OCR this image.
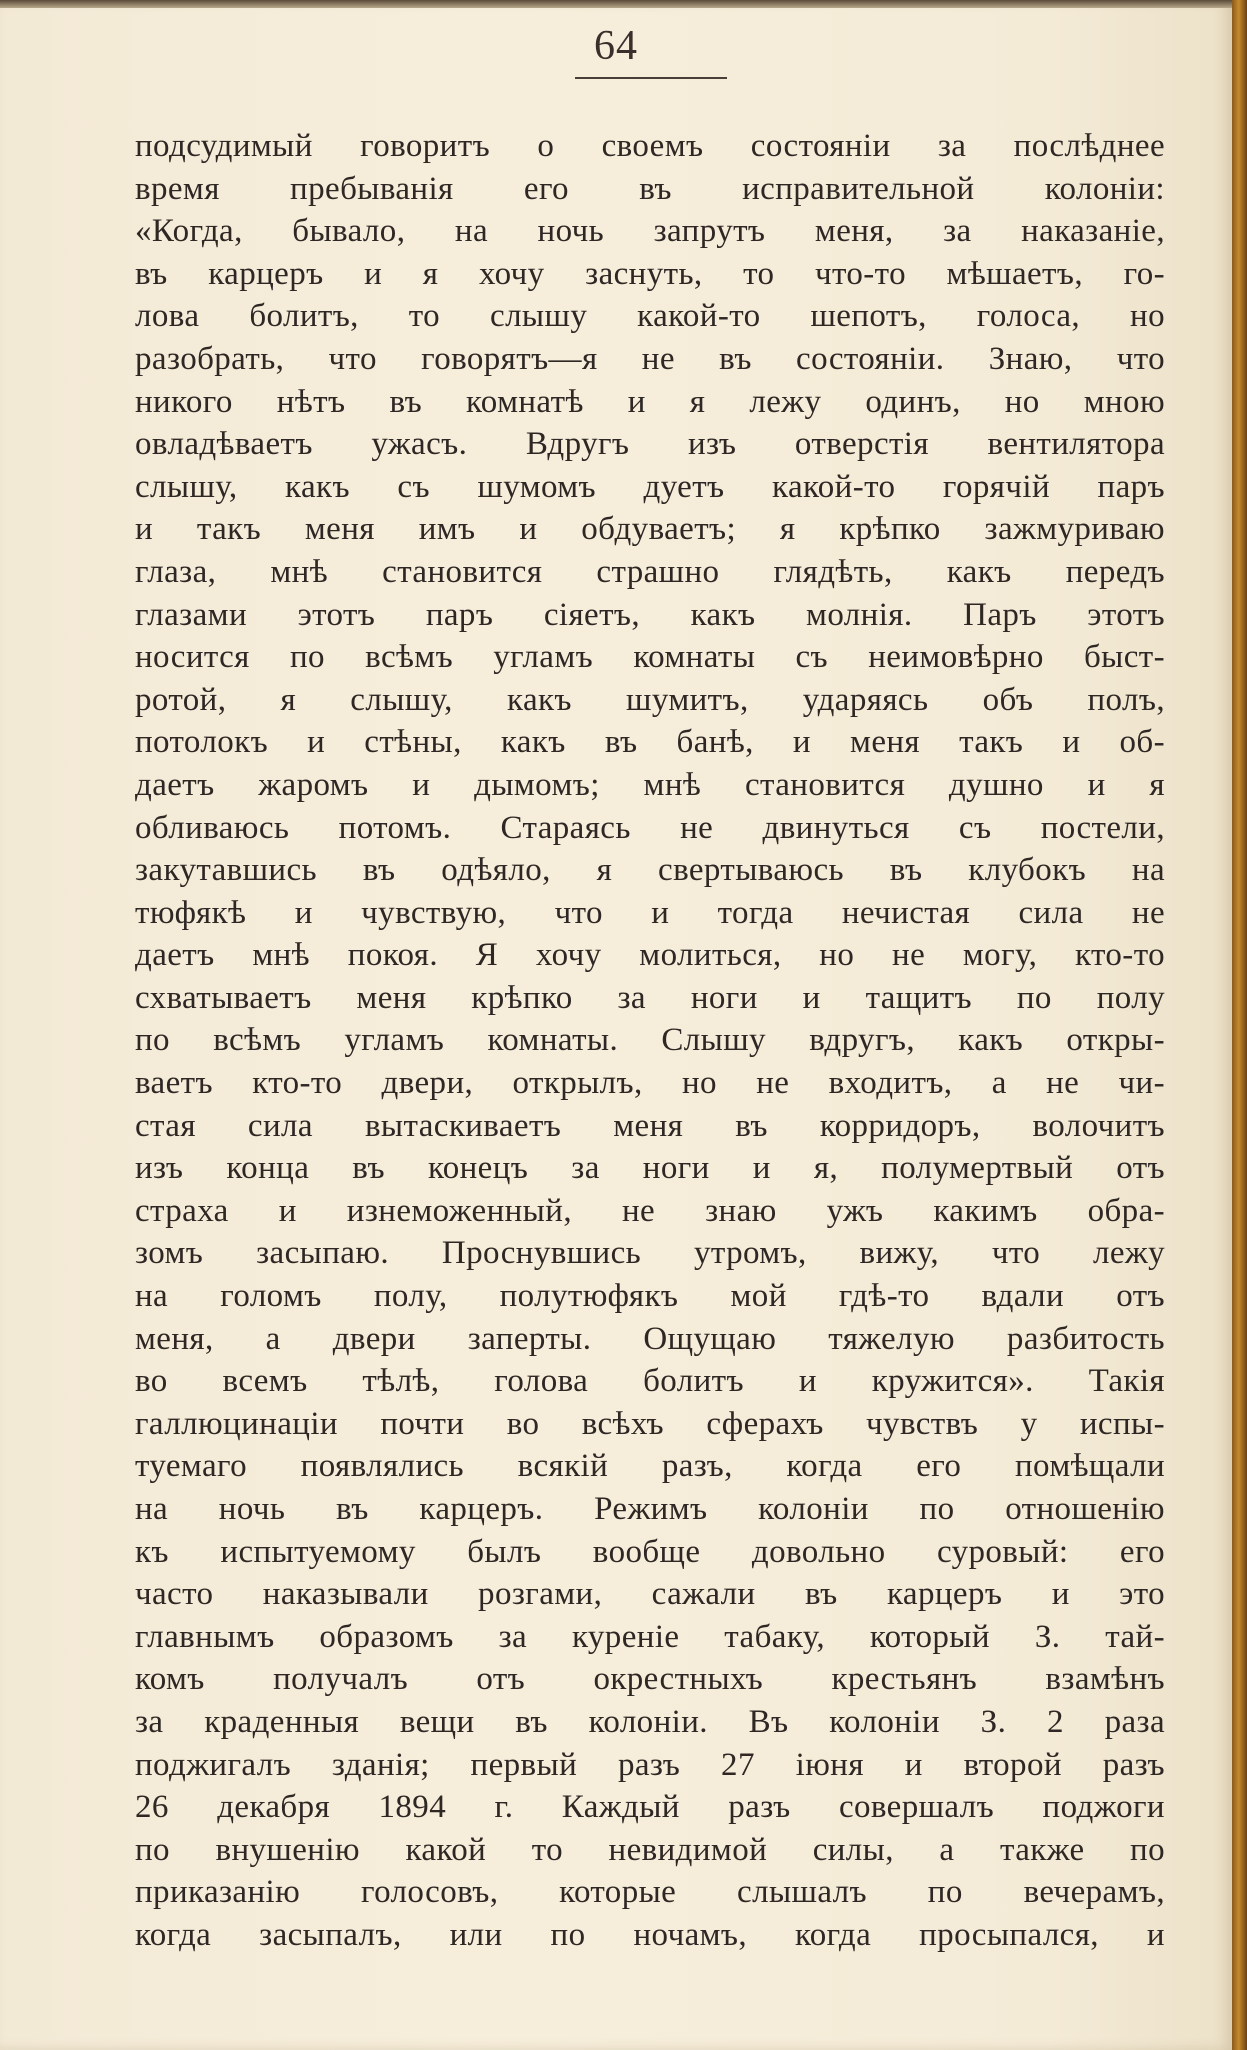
64
подсудимый говоритъ о своемъ состоянiи за послѣднее
время пребыванiя его въ исправительной колонiи:
«Когда, бывало, на ночь запрутъ меня, за наказанiе,
въ карцеръ и я хочу заснуть, то что-то мѣшаетъ, го-
лова болитъ, то слышу какой-то шепотъ, голоса, но
разобрать, что говорятъ—я не въ состоянiи. Знаю, что
никого нѣтъ въ комнатѣ и я лежу одинъ, но мною
овладѣваетъ ужасъ. Вдругъ изъ отверстiя вентилятора
слышу, какъ съ шумомъ дуетъ какой-то горячiй паръ
и такъ меня имъ и обдуваетъ; я крѣпко зажмуриваю
глаза, мнѣ становится страшно глядѣть, какъ передъ
глазами этотъ паръ сiяетъ, какъ молнiя. Паръ этотъ
носится по всѣмъ угламъ комнаты съ неимовѣрно быст-
ротой, я слышу, какъ шумитъ, ударяясь объ полъ,
потолокъ и стѣны, какъ въ банѣ, и меня такъ и об-
даетъ жаромъ и дымомъ; мнѣ становится душно и я
обливаюсь потомъ. Стараясь не двинуться съ постели,
закутавшись въ одѣяло, я свертываюсь въ клубокъ на
тюфякѣ и чувствую, что и тогда нечистая сила не
даетъ мнѣ покоя. Я хочу молиться, но не могу, кто-то
схватываетъ меня крѣпко за ноги и тащитъ по полу
по всѣмъ угламъ комнаты. Слышу вдругъ, какъ откры-
ваетъ кто-то двери, открылъ, но не входитъ, а не чи-
стая сила вытаскиваетъ меня въ корридоръ, волочитъ
изъ конца въ конецъ за ноги и я, полумертвый отъ
страха и изнеможенный, не знаю ужъ какимъ обра-
зомъ засыпаю. Проснувшись утромъ, вижу, что лежу
на голомъ полу, полутюфякъ мой гдѣ-то вдали отъ
меня, а двери заперты. Ощущаю тяжелую разбитость
во всемъ тѣлѣ, голова болитъ и кружится». Такiя
галлюцинацiи почти во всѣхъ сферахъ чувствъ у испы-
туемаго появлялись всякiй разъ, когда его помѣщали
на ночь въ карцеръ. Режимъ колонiи по отношенiю
къ испытуемому былъ вообще довольно суровый: его
часто наказывали розгами, сажали въ карцеръ и это
главнымъ образомъ за куренiе табаку, который З. тай-
комъ получалъ отъ окрестныхъ крестьянъ взамѣнъ
за краденныя вещи въ колонiи. Въ колонiи З. 2 раза
поджигалъ зданiя; первый разъ 27 iюня и второй разъ
26 декабря 1894 г. Каждый разъ совершалъ поджоги
по внушенiю какой то невидимой силы, а также по
приказанiю голосовъ, которые слышалъ по вечерамъ,
когда засыпалъ, или по ночамъ, когда просыпался, и
